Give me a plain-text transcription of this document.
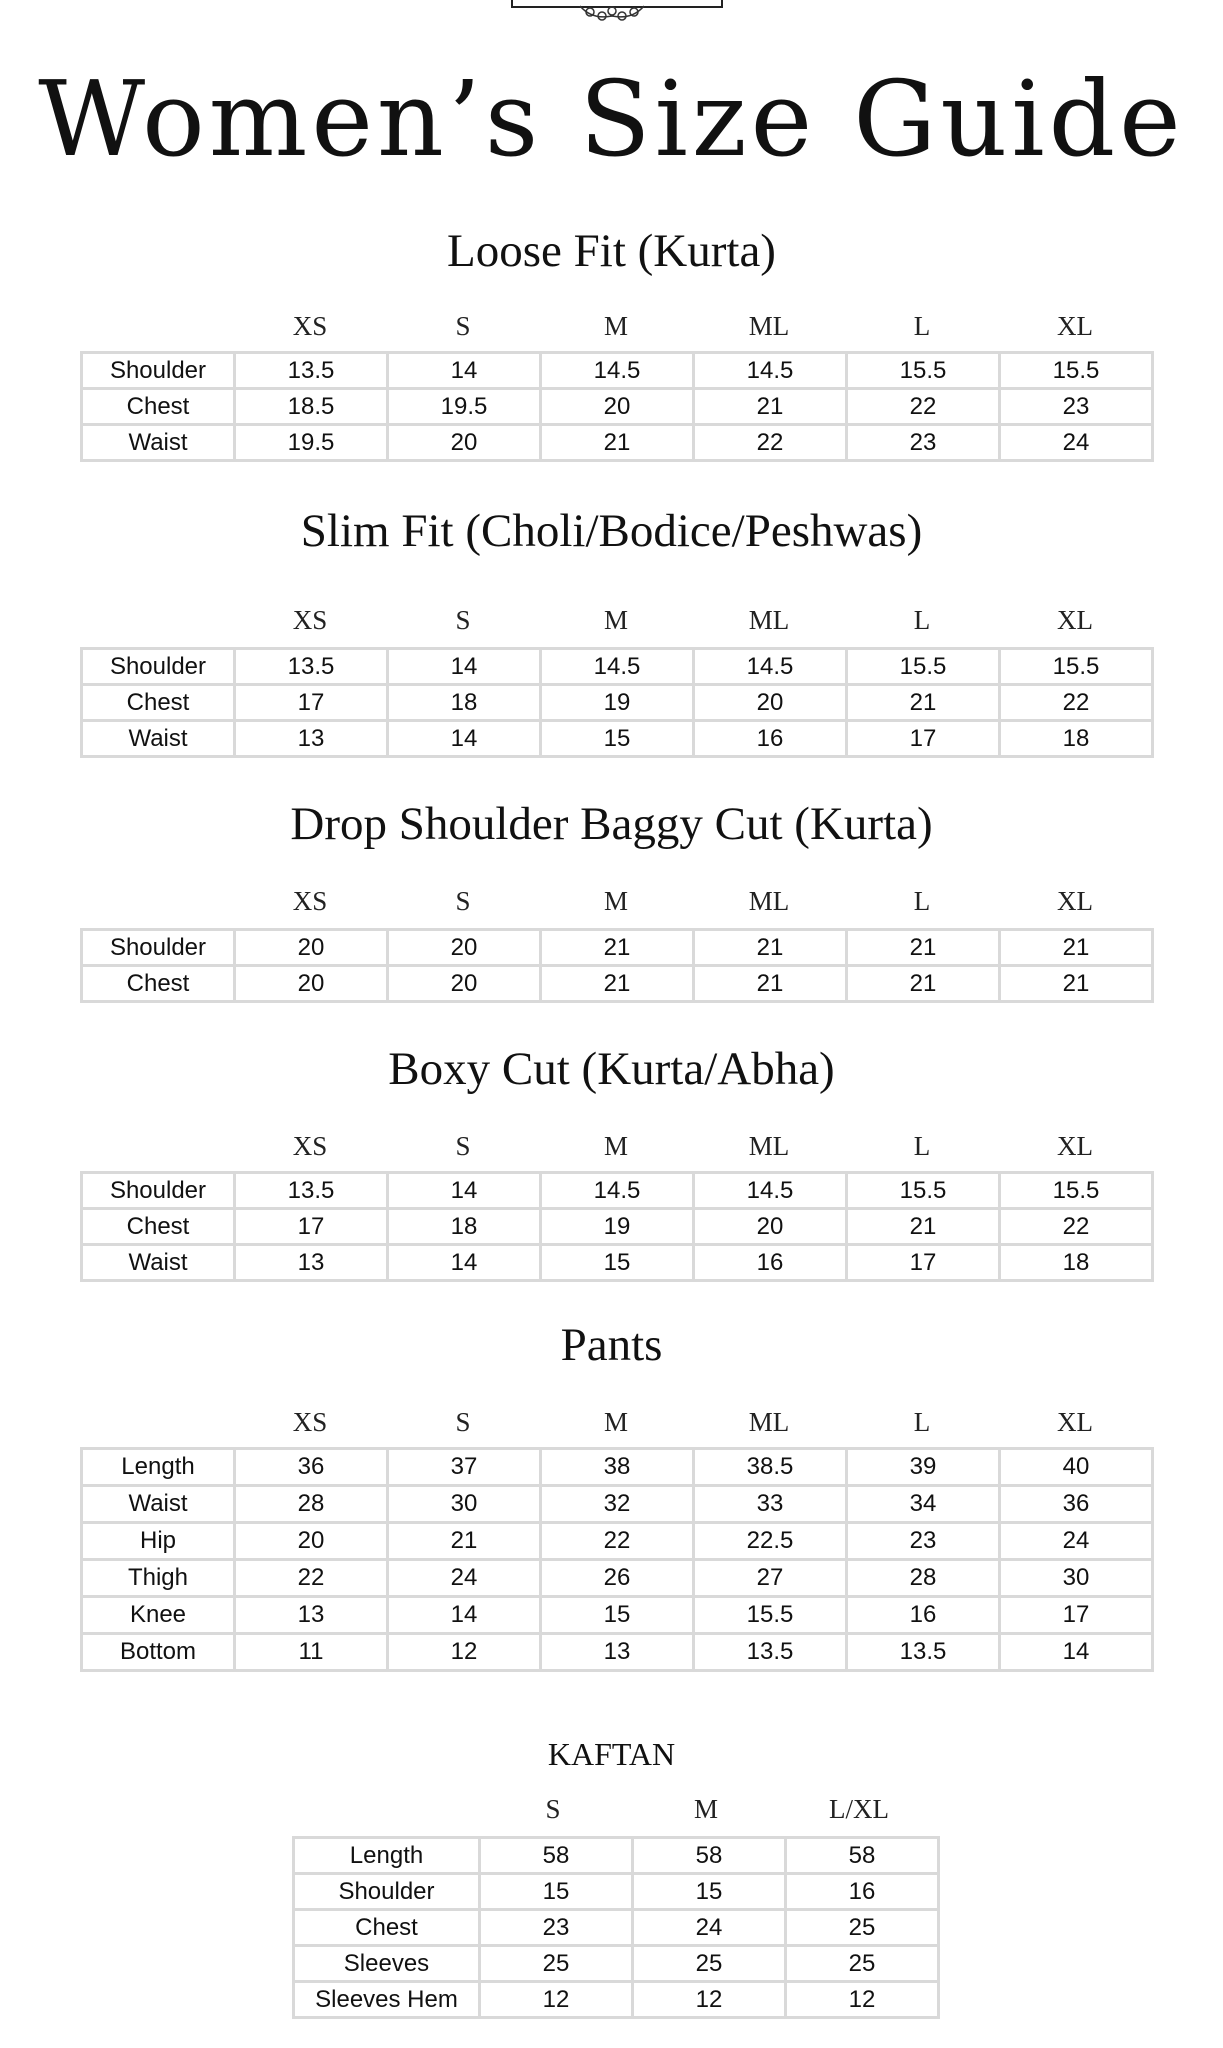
Women’s Size Guide
Loose Fit (Kurta)
XS	S	M	ML	L	XL
Shoulder	13.5	14	14.5	14.5	15.5	15.5
Chest	18.5	19.5	20	21	22	23
Waist	19.5	20	21	22	23	24
Slim Fit (Choli/Bodice/Peshwas)
XS	S	M	ML	L	XL
Shoulder	13.5	14	14.5	14.5	15.5	15.5
Chest	17	18	19	20	21	22
Waist	13	14	15	16	17	18
Drop Shoulder Baggy Cut (Kurta)
XS	S	M	ML	L	XL
Shoulder	20	20	21	21	21	21
Chest	20	20	21	21	21	21
Boxy Cut (Kurta/Abha)
XS	S	M	ML	L	XL
Shoulder	13.5	14	14.5	14.5	15.5	15.5
Chest	17	18	19	20	21	22
Waist	13	14	15	16	17	18
Pants
XS	S	M	ML	L	XL
Length	36	37	38	38.5	39	40
Waist	28	30	32	33	34	36
Hip	20	21	22	22.5	23	24
Thigh	22	24	26	27	28	30
Knee	13	14	15	15.5	16	17
Bottom	11	12	13	13.5	13.5	14
KAFTAN
S	M	L/XL
Length	58	58	58
Shoulder	15	15	16
Chest	23	24	25
Sleeves	25	25	25
Sleeves Hem	12	12	12
